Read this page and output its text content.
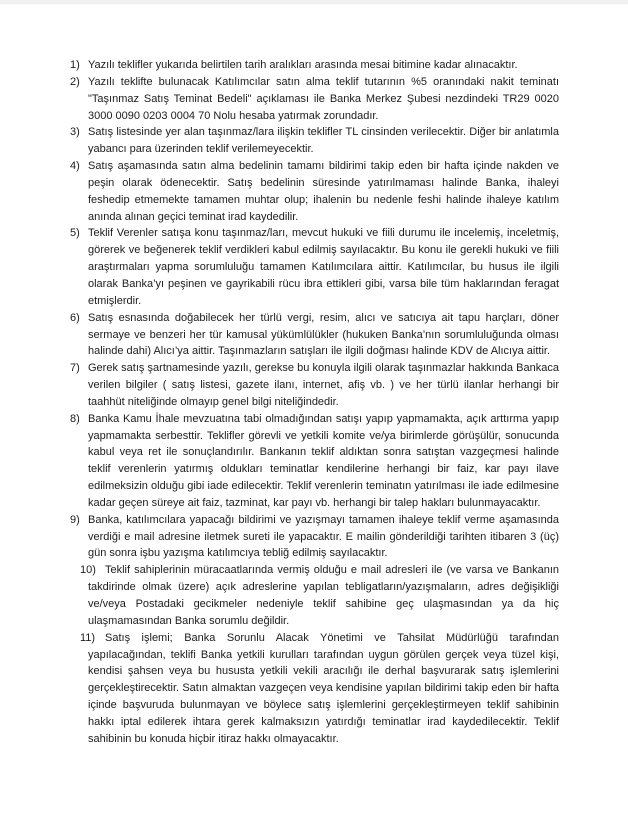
1) Yazılı teklifler yukarıda belirtilen tarih aralıkları arasında mesai bitimine kadar alınacaktır.

2) Yazılı teklifte bulunacak Katılımcılar satın alma teklif tutarının %5 oranındaki nakit teminatı "Taşınmaz Satış Teminat Bedeli" açıklaması ile Banka Merkez Şubesi nezdindeki TR29 0020 3000 0090 0203 0004 70 Nolu hesaba yatırmak zorundadır.

3) Satış listesinde yer alan taşınmaz/lara ilişkin teklifler TL cinsinden verilecektir. Diğer bir anlatımla yabancı para üzerinden teklif verilemeyecektir.

4) Satış aşamasında satın alma bedelinin tamamı bildirimi takip eden bir hafta içinde nakden ve peşin olarak ödenecektir. Satış bedelinin süresinde yatırılmaması halinde Banka, ihaleyi feshedip etmemekte tamamen muhtar olup; ihalenin bu nedenle feshi halinde ihaleye katılım anında alınan geçici teminat irad kaydedilir.

5) Teklif Verenler satışa konu taşınmaz/ları, mevcut hukuki ve fiili durumu ile incelemiş, inceletmiş, görerek ve beğenerek teklif verdikleri kabul edilmiş sayılacaktır. Bu konu ile gerekli hukuki ve fiili araştırmaları yapma sorumluluğu tamamen Katılımcılara aittir. Katılımcılar, bu husus ile ilgili olarak Banka’yı peşinen ve gayrikabili rücu ibra ettikleri gibi, varsa bile tüm haklarından feragat etmişlerdir.

6) Satış esnasında doğabilecek her türlü vergi, resim, alıcı ve satıcıya ait tapu harçları, döner sermaye ve benzeri her tür kamusal yükümlülükler (hukuken Banka’nın sorumluluğunda olması halinde dahi) Alıcı’ya aittir. Taşınmazların satışları ile ilgili doğması halinde KDV de Alıcıya aittir.

7) Gerek satış şartnamesinde yazılı, gerekse bu konuyla ilgili olarak taşınmazlar hakkında Bankaca verilen bilgiler ( satış listesi, gazete ilanı, internet, afiş vb. ) ve her türlü ilanlar herhangi bir taahhüt niteliğinde olmayıp genel bilgi niteliğindedir.

8) Banka Kamu İhale mevzuatına tabi olmadığından satışı yapıp yapmamakta, açık arttırma yapıp yapmamakta serbesttir. Teklifler görevli ve yetkili komite ve/ya birimlerde görüşülür, sonucunda kabul veya ret ile sonuçlandırılır. Bankanın teklif aldıktan sonra satıştan vazgeçmesi halinde teklif verenlerin yatırmış oldukları teminatlar kendilerine herhangi bir faiz, kar payı ilave edilmeksizin olduğu gibi iade edilecektir. Teklif verenlerin teminatın yatırılması ile iade edilmesine kadar geçen süreye ait faiz, tazminat, kar payı vb. herhangi bir talep hakları bulunmayacaktır.

9) Banka, katılımcılara yapacağı bildirimi ve yazışmayı tamamen ihaleye teklif verme aşamasında verdiği e mail adresine iletmek sureti ile yapacaktır. E mailin gönderildiği tarihten itibaren 3 (üç) gün sonra işbu yazışma katılımcıya tebliğ edilmiş sayılacaktır.

10) Teklif sahiplerinin müracaatlarında vermiş olduğu e mail adresleri ile (ve varsa ve Bankanın takdirinde olmak üzere) açık adreslerine yapılan tebligatların/yazışmaların, adres değişikliği ve/veya Postadaki gecikmeler nedeniyle teklif sahibine geç ulaşmasından ya da hiç ulaşmamasından Banka sorumlu değildir.

11) Satış işlemi; Banka Sorunlu Alacak Yönetimi ve Tahsilat Müdürlüğü tarafından yapılacağından, teklifi Banka yetkili kurulları tarafından uygun görülen gerçek veya tüzel kişi, kendisi şahsen veya bu hususta yetkili vekili aracılığı ile derhal başvurarak satış işlemlerini gerçekleştirecektir. Satın almaktan vazgeçen veya kendisine yapılan bildirimi takip eden bir hafta içinde başvuruda bulunmayan ve böylece satış işlemlerini gerçekleştirmeyen teklif sahibinin hakkı iptal edilerek ihtara gerek kalmaksızın yatırdığı teminatlar irad kaydedilecektir. Teklif sahibinin bu konuda hiçbir itiraz hakkı olmayacaktır.
